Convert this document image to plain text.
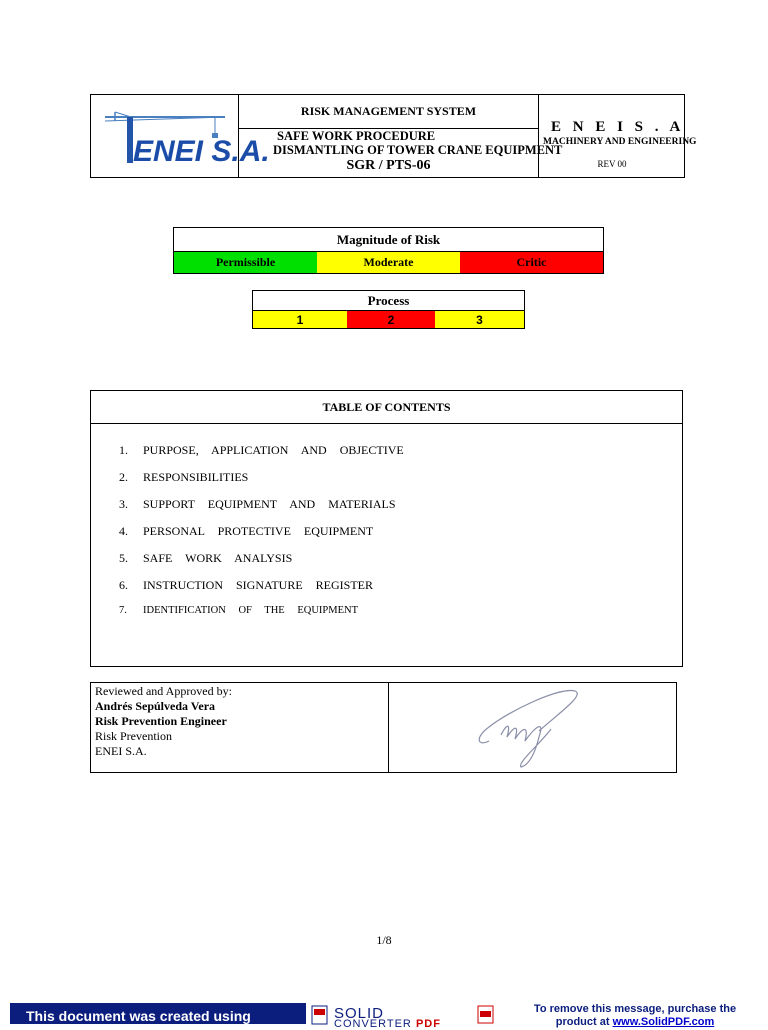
ENEI S.A.
RISK MANAGEMENT SYSTEM
SAFE WORK PROCEDURE
DISMANTLING OF TOWER CRANE EQUIPMENT
SGR / PTS-06
E N E I S . A
MACHINERY AND ENGINEERING
REV 00
Magnitude of Risk
Permissible	Moderate	Critic
Process
1	2	3
TABLE OF CONTENTS
1.	PURPOSE, APPLICATION AND OBJECTIVE
2.	RESPONSIBILITIES
3.	SUPPORT EQUIPMENT AND MATERIALS
4.	PERSONAL PROTECTIVE EQUIPMENT
5.	SAFE WORK ANALYSIS
6.	INSTRUCTION SIGNATURE REGISTER
7.	IDENTIFICATION OF THE EQUIPMENT
Reviewed and Approved by:
Andrés Sepúlveda Vera
Risk Prevention Engineer
Risk Prevention
ENEI S.A.
1/8
This document was created using	SOLID
CONVERTER PDF
To remove this message, purchase the
product at www.SolidPDF.com
